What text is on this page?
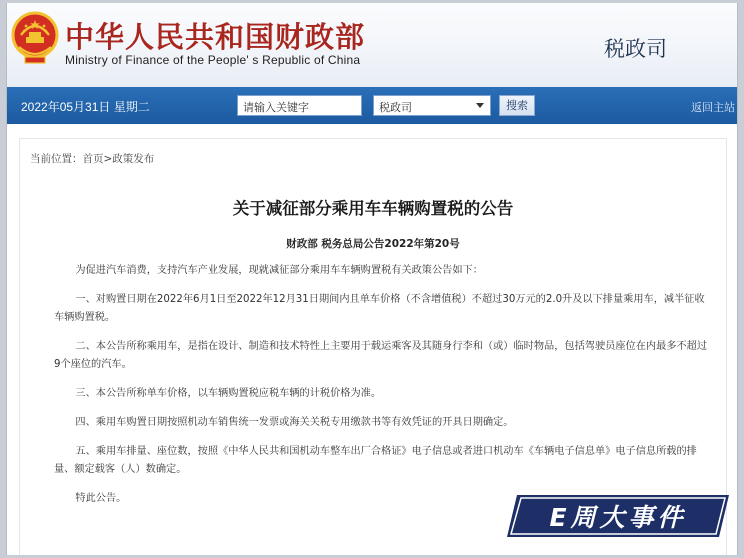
中华人民共和国财政部
Ministry of Finance of the People' s Republic of China	税政司
2022年05月31日 星期二	请输入关键字	税政司	搜索	返回主站
当前位置：首页>政策发布
关于减征部分乘用车车辆购置税的公告
财政部 税务总局公告2022年第20号

为促进汽车消费，支持汽车产业发展，现就减征部分乘用车车辆购置税有关政策公告如下：

一、对购置日期在2022年6月1日至2022年12月31日期间内且单车价格（不含增值税）不超过30万元的2.0升及以下排量乘用车，减半征收车辆购置税。

二、本公告所称乘用车，是指在设计、制造和技术特性上主要用于载运乘客及其随身行李和（或）临时物品，包括驾驶员座位在内最多不超过9个座位的汽车。

三、本公告所称单车价格，以车辆购置税应税车辆的计税价格为准。

四、乘用车购置日期按照机动车销售统一发票或海关关税专用缴款书等有效凭证的开具日期确定。

五、乘用车排量、座位数，按照《中华人民共和国机动车整车出厂合格证》电子信息或者进口机动车《车辆电子信息单》电子信息所载的排量、额定载客（人）数确定。

特此公告。

E周大事件
